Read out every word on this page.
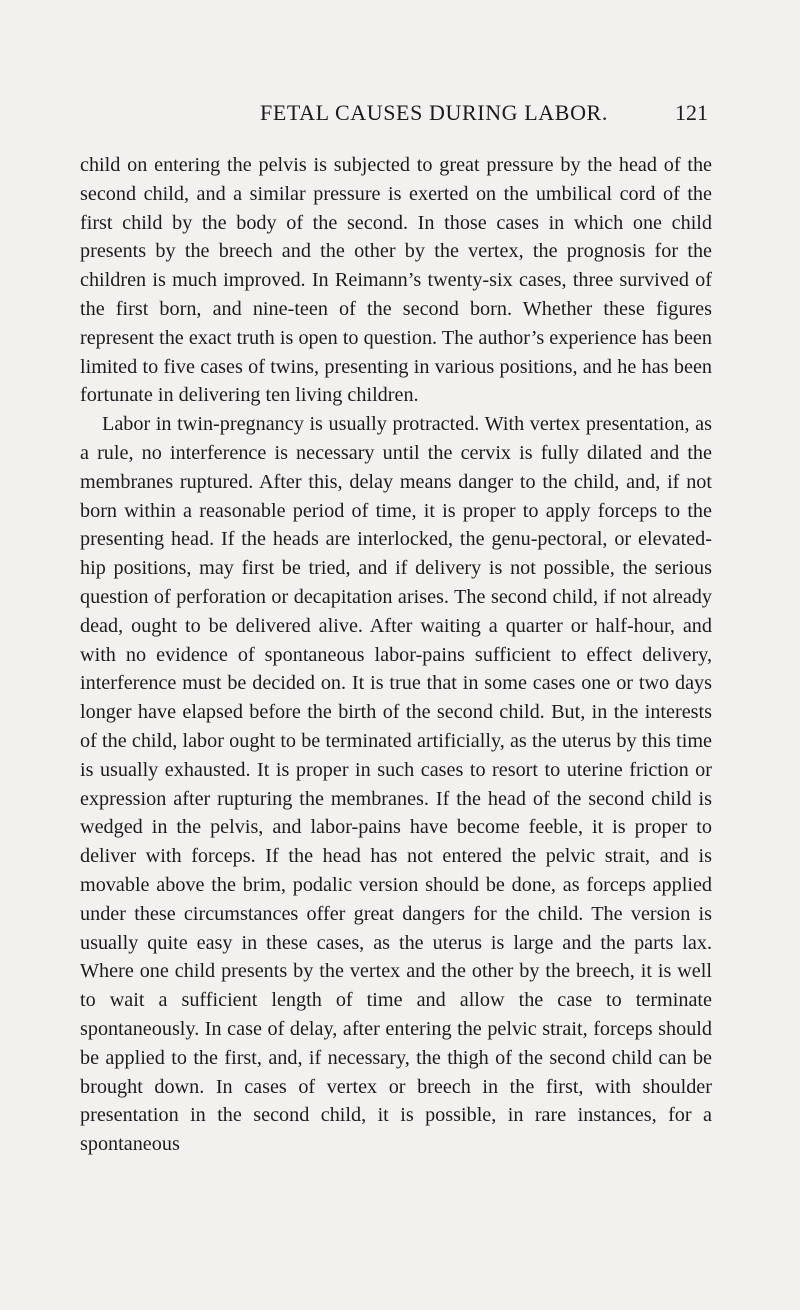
FETAL CAUSES DURING LABOR.	121

child on entering the pelvis is subjected to great pressure by the head of the second child, and a similar pressure is exerted on the umbilical cord of the first child by the body of the second. In those cases in which one child presents by the breech and the other by the vertex, the prognosis for the children is much improved. In Reimann’s twenty-six cases, three survived of the first born, and nine-teen of the second born. Whether these figures represent the exact truth is open to question. The author’s experience has been limited to five cases of twins, presenting in various positions, and he has been fortunate in delivering ten living children.

Labor in twin-pregnancy is usually protracted. With vertex presentation, as a rule, no interference is necessary until the cervix is fully dilated and the membranes ruptured. After this, delay means danger to the child, and, if not born within a reasonable period of time, it is proper to apply forceps to the presenting head. If the heads are interlocked, the genu-pectoral, or elevated-hip positions, may first be tried, and if delivery is not possible, the serious question of perforation or decapitation arises. The second child, if not already dead, ought to be delivered alive. After waiting a quarter or half-hour, and with no evidence of spontaneous labor-pains sufficient to effect delivery, interference must be decided on. It is true that in some cases one or two days longer have elapsed before the birth of the second child. But, in the interests of the child, labor ought to be terminated artificially, as the uterus by this time is usually exhausted. It is proper in such cases to resort to uterine friction or expression after rupturing the membranes. If the head of the second child is wedged in the pelvis, and labor-pains have become feeble, it is proper to deliver with forceps. If the head has not entered the pelvic strait, and is movable above the brim, podalic version should be done, as forceps applied under these circumstances offer great dangers for the child. The version is usually quite easy in these cases, as the uterus is large and the parts lax. Where one child presents by the vertex and the other by the breech, it is well to wait a sufficient length of time and allow the case to terminate spontaneously. In case of delay, after entering the pelvic strait, forceps should be applied to the first, and, if necessary, the thigh of the second child can be brought down. In cases of vertex or breech in the first, with shoulder presentation in the second child, it is possible, in rare instances, for a spontaneous
